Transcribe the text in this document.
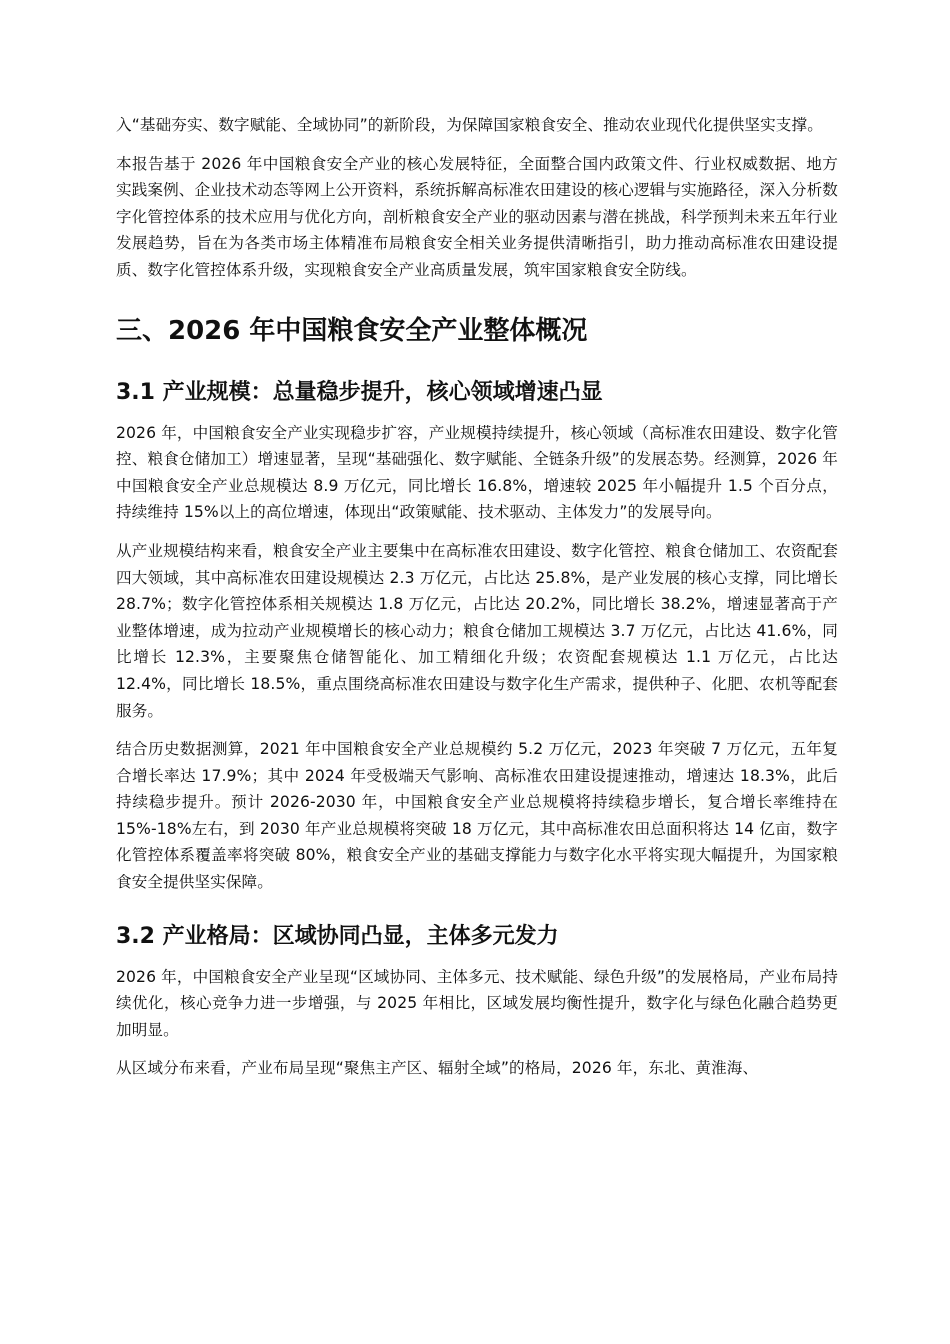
入“基础夯实、数字赋能、全域协同”的新阶段，为保障国家粮食安全、推动农业现代化提供坚实支撑。

本报告基于 2026 年中国粮食安全产业的核心发展特征，全面整合国内政策文件、行业权威数据、地方实践案例、企业技术动态等网上公开资料，系统拆解高标准农田建设的核心逻辑与实施路径，深入分析数字化管控体系的技术应用与优化方向，剖析粮食安全产业的驱动因素与潜在挑战，科学预判未来五年行业发展趋势，旨在为各类市场主体精准布局粮食安全相关业务提供清晰指引，助力推动高标准农田建设提质、数字化管控体系升级，实现粮食安全产业高质量发展，筑牢国家粮食安全防线。

三、2026 年中国粮食安全产业整体概况
3.1 产业规模：总量稳步提升，核心领域增速凸显

2026 年，中国粮食安全产业实现稳步扩容，产业规模持续提升，核心领域（高标准农田建设、数字化管控、粮食仓储加工）增速显著，呈现“基础强化、数字赋能、全链条升级”的发展态势。经测算，2026 年中国粮食安全产业总规模达 8.9 万亿元，同比增长 16.8%，增速较 2025 年小幅提升 1.5 个百分点，持续维持 15%以上的高位增速，体现出“政策赋能、技术驱动、主体发力”的发展导向。

从产业规模结构来看，粮食安全产业主要集中在高标准农田建设、数字化管控、粮食仓储加工、农资配套四大领域，其中高标准农田建设规模达 2.3 万亿元，占比达 25.8%，是产业发展的核心支撑，同比增长 28.7%；数字化管控体系相关规模达 1.8 万亿元，占比达 20.2%，同比增长 38.2%，增速显著高于产业整体增速，成为拉动产业规模增长的核心动力；粮食仓储加工规模达 3.7 万亿元，占比达 41.6%，同比增长 12.3%，主要聚焦仓储智能化、加工精细化升级；农资配套规模达 1.1 万亿元，占比达 12.4%，同比增长 18.5%，重点围绕高标准农田建设与数字化生产需求，提供种子、化肥、农机等配套服务。

结合历史数据测算，2021 年中国粮食安全产业总规模约 5.2 万亿元，2023 年突破 7 万亿元，五年复合增长率达 17.9%；其中 2024 年受极端天气影响、高标准农田建设提速推动，增速达 18.3%，此后持续稳步提升。预计 2026-2030 年，中国粮食安全产业总规模将持续稳步增长，复合增长率维持在 15%-18%左右，到 2030 年产业总规模将突破 18 万亿元，其中高标准农田总面积将达 14 亿亩，数字化管控体系覆盖率将突破 80%，粮食安全产业的基础支撑能力与数字化水平将实现大幅提升，为国家粮食安全提供坚实保障。

3.2 产业格局：区域协同凸显，主体多元发力

2026 年，中国粮食安全产业呈现“区域协同、主体多元、技术赋能、绿色升级”的发展格局，产业布局持续优化，核心竞争力进一步增强，与 2025 年相比，区域发展均衡性提升，数字化与绿色化融合趋势更加明显。

从区域分布来看，产业布局呈现“聚焦主产区、辐射全域”的格局，2026 年，东北、黄淮海、
